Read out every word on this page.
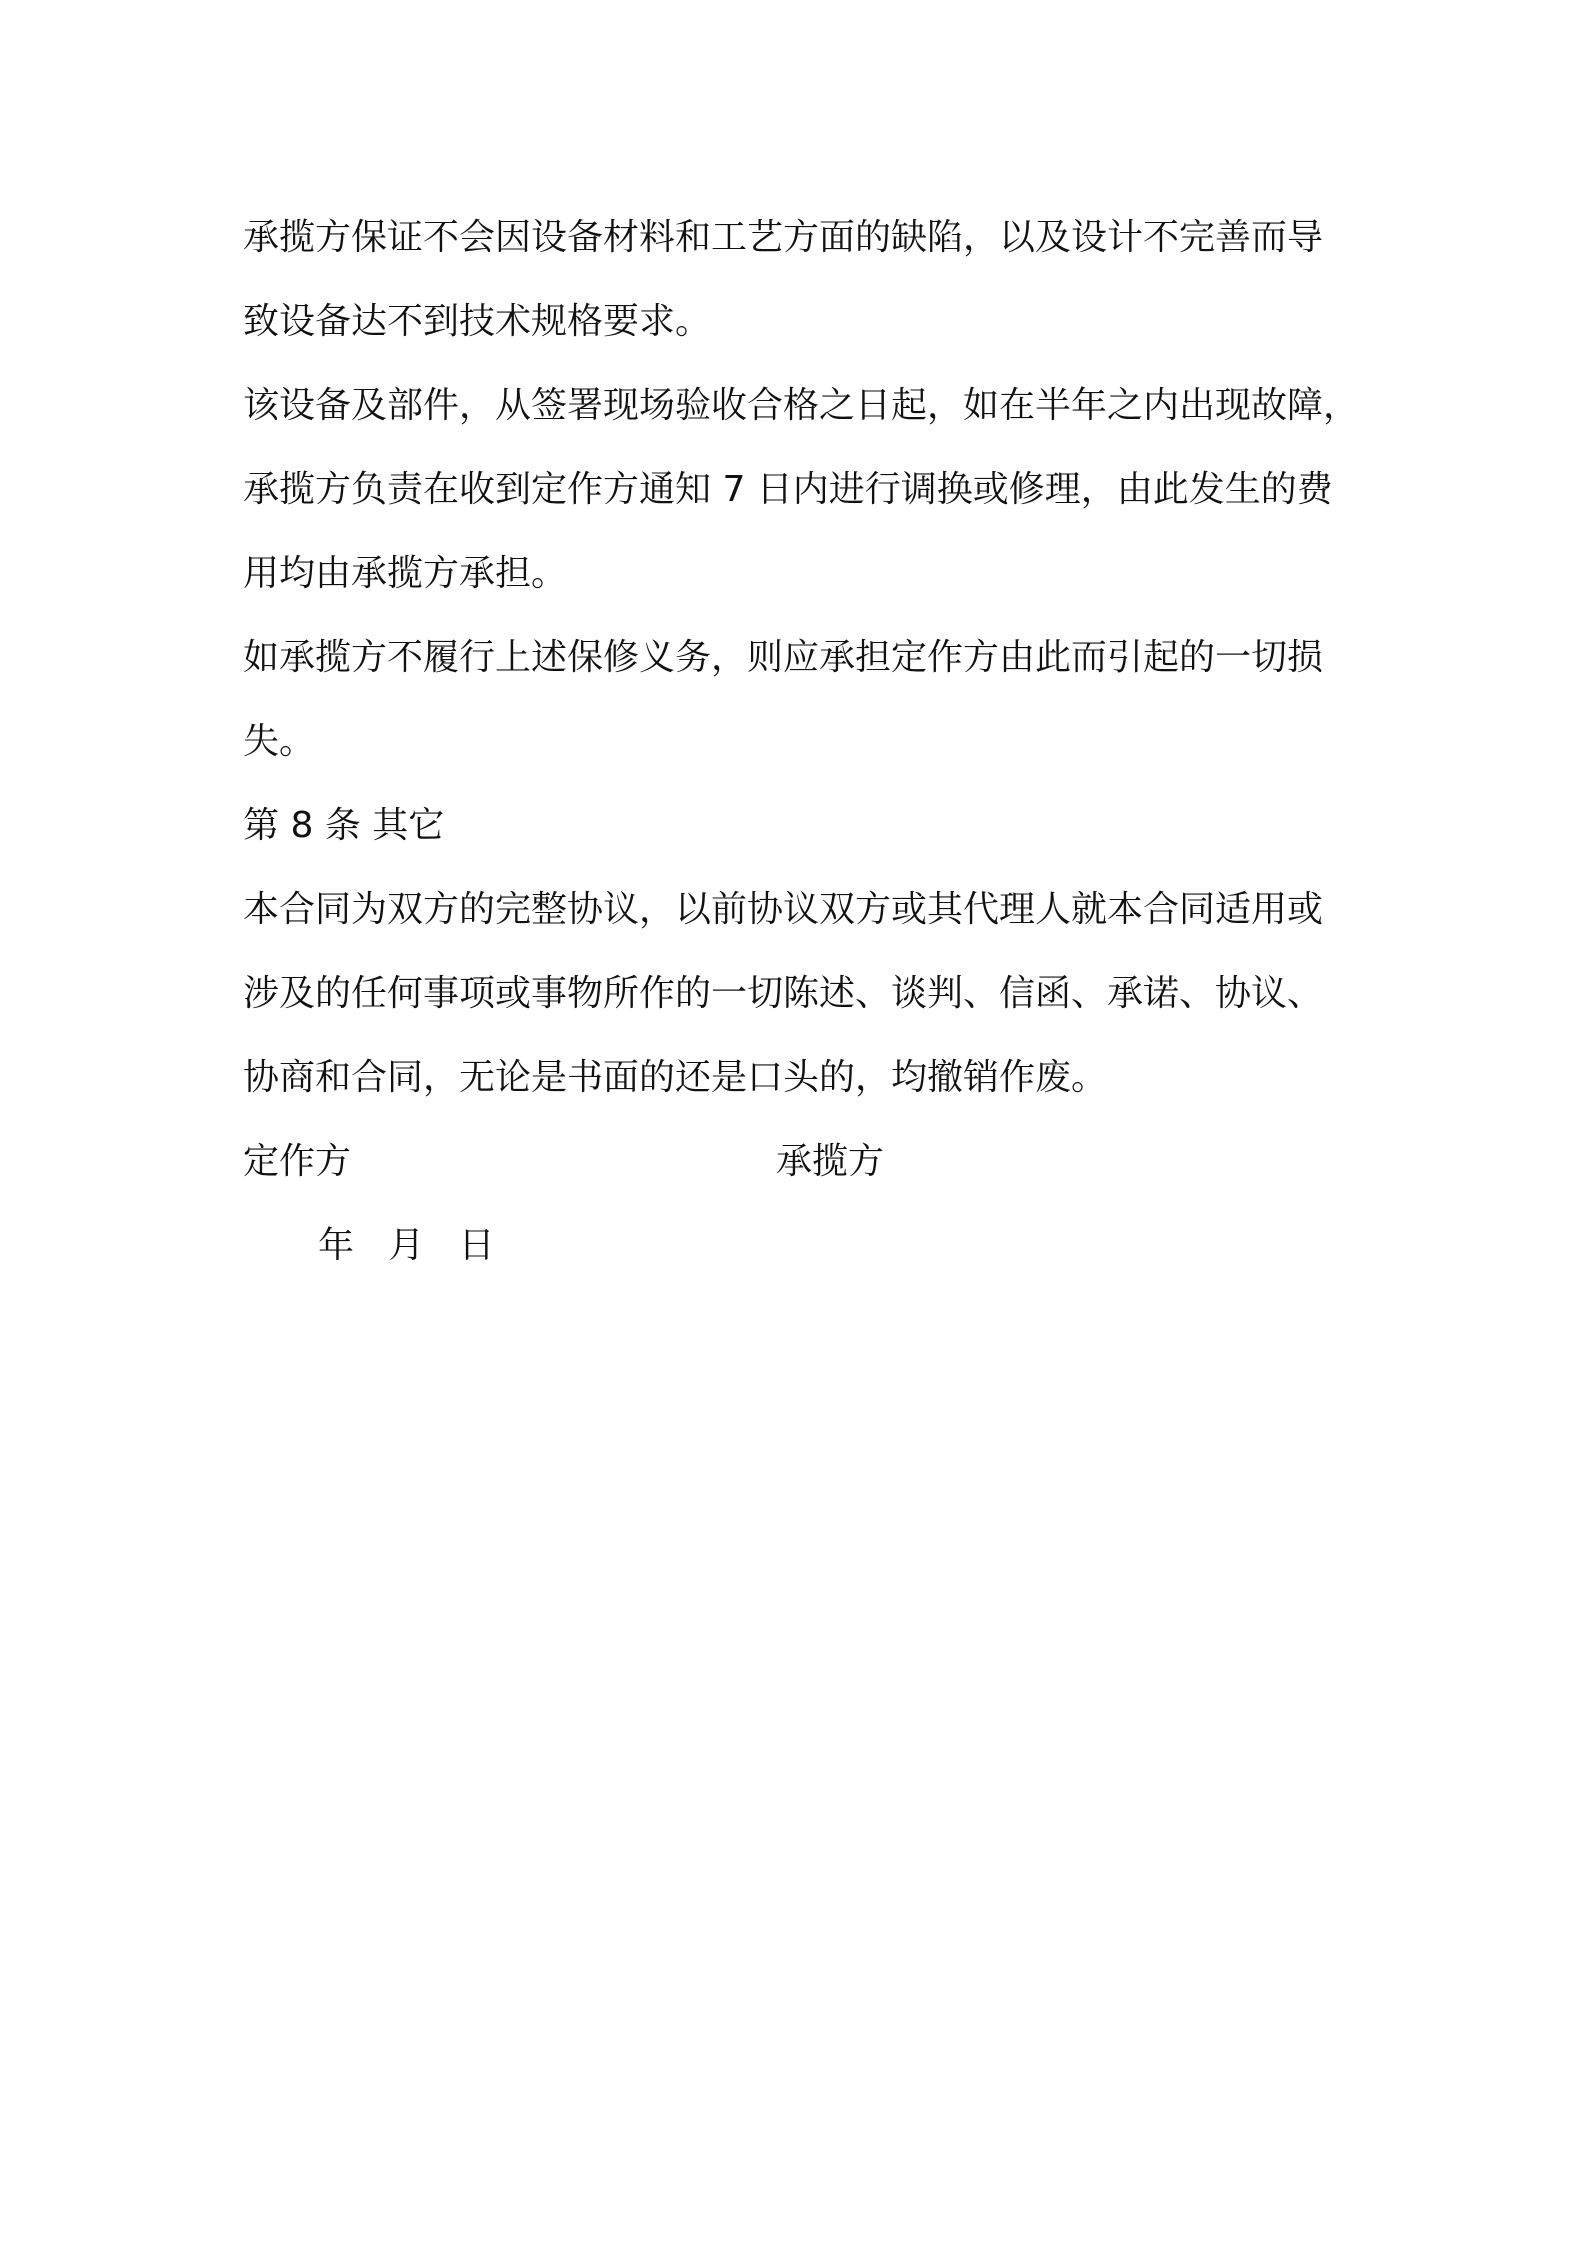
承揽方保证不会因设备材料和工艺方面的缺陷，以及设计不完善而导
致设备达不到技术规格要求。

该设备及部件，从签署现场验收合格之日起，如在半年之内出现故障，
承揽方负责在收到定作方通知 7 日内进行调换或修理，由此发生的费
用均由承揽方承担。

如承揽方不履行上述保修义务，则应承担定作方由此而引起的一切损
失。

第 8 条 其它

本合同为双方的完整协议，以前协议双方或其代理人就本合同适用或
涉及的任何事项或事物所作的一切陈述、谈判、信函、承诺、协议、
协商和合同，无论是书面的还是口头的，均撤销作废。

定作方	承揽方
年   月   日
